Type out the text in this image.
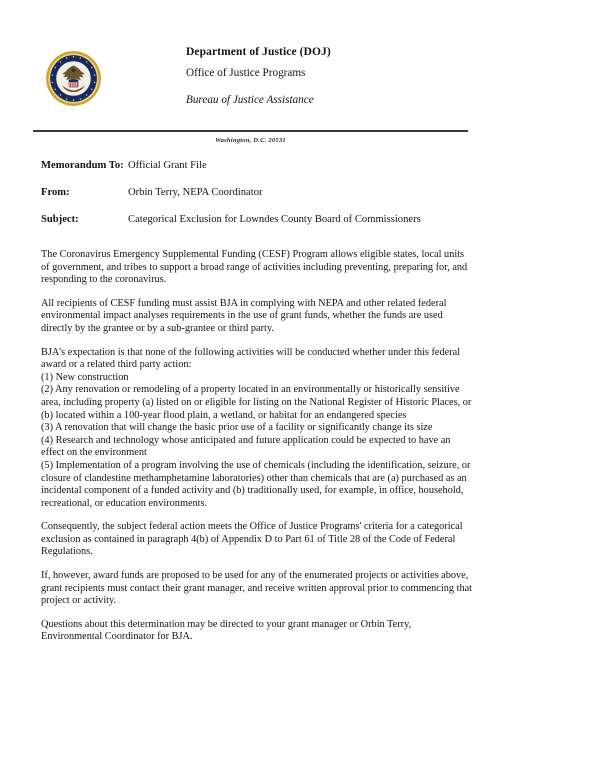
Department of Justice (DOJ)
Office of Justice Programs
Bureau of Justice Assistance
Washington, D.C. 20531
Memorandum To: Official Grant File
From:	Orbin Terry, NEPA Coordinator
Subject:	Categorical Exclusion for Lowndes County Board of Commissioners

The Coronavirus Emergency Supplemental Funding (CESF) Program allows eligible states, local units of government, and tribes to support a broad range of activities including preventing, preparing for, and responding to the coronavirus.

All recipients of CESF funding must assist BJA in complying with NEPA and other related federal environmental impact analyses requirements in the use of grant funds, whether the funds are used directly by the grantee or by a sub-grantee or third party.

BJA's expectation is that none of the following activities will be conducted whether under this federal award or a related third party action:

(1) New construction
(2) Any renovation or remodeling of a property located in an environmentally or historically sensitive area, including property (a) listed on or eligible for listing on the National Register of Historic Places, or (b) located within a 100-year flood plain, a wetland, or habitat for an endangered species
(3) A renovation that will change the basic prior use of a facility or significantly change its size
(4) Research and technology whose anticipated and future application could be expected to have an effect on the environment
(5) Implementation of a program involving the use of chemicals (including the identification, seizure, or closure of clandestine methamphetamine laboratories) other than chemicals that are (a) purchased as an incidental component of a funded activity and (b) traditionally used, for example, in office, household, recreational, or education environments.

Consequently, the subject federal action meets the Office of Justice Programs' criteria for a categorical exclusion as contained in paragraph 4(b) of Appendix D to Part 61 of Title 28 of the Code of Federal Regulations.

If, however, award funds are proposed to be used for any of the enumerated projects or activities above, grant recipients must contact their grant manager, and receive written approval prior to commencing that project or activity.

Questions about this determination may be directed to your grant manager or Orbin Terry, Environmental Coordinator for BJA.
